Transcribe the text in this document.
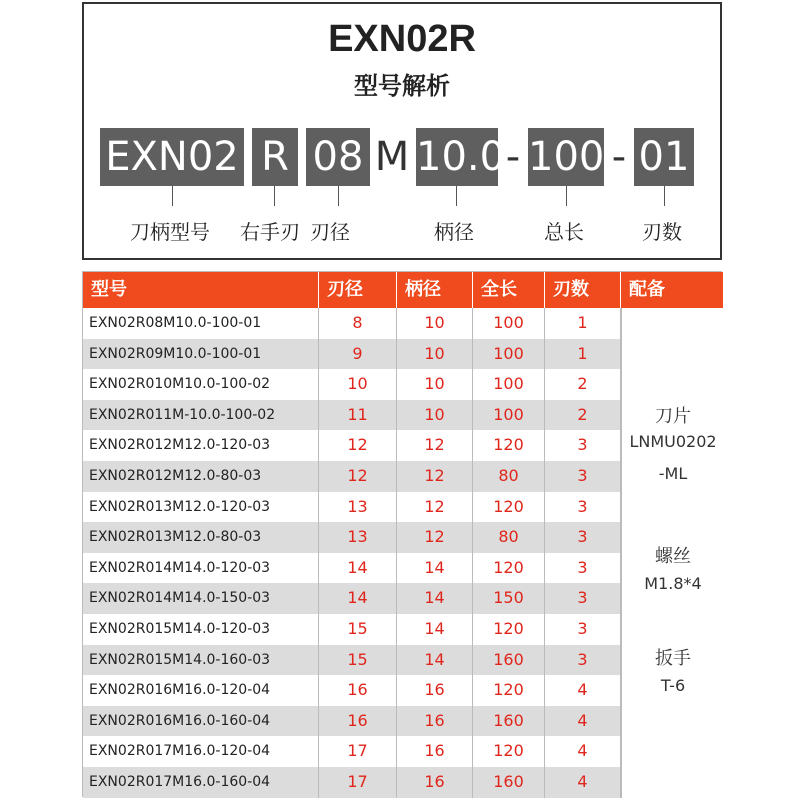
EXN02R
型号解析
EXN02 R 08 M 10.0 - 100 - 01
刀柄型号 右手刃 刃径	柄径	总长	刃数
型号	刃径	柄径	全长	刃数	配备
EXN02R08M10.0-100-01	8	10	100	1
EXN02R09M10.0-100-01	9	10	100	1
EXN02R010M10.0-100-02	10	10	100	2
EXN02R011M-10.0-100-02	11	10	100	2
EXN02R012M12.0-120-03	12	12	120	3
EXN02R012M12.0-80-03	12	12	80	3
EXN02R013M12.0-120-03	13	12	120	3
EXN02R013M12.0-80-03	13	12	80	3
EXN02R014M14.0-120-03	14	14	120	3
EXN02R014M14.0-150-03	14	14	150	3
EXN02R015M14.0-120-03	15	14	120	3
EXN02R015M14.0-160-03	15	14	160	3
EXN02R016M16.0-120-04	16	16	120	4
EXN02R016M16.0-160-04	16	16	160	4
EXN02R017M16.0-120-04	17	16	120	4
EXN02R017M16.0-160-04	17	16	160	4
刀片
LNMU0202
-ML
螺丝
M1.8*4
扳手
T-6
